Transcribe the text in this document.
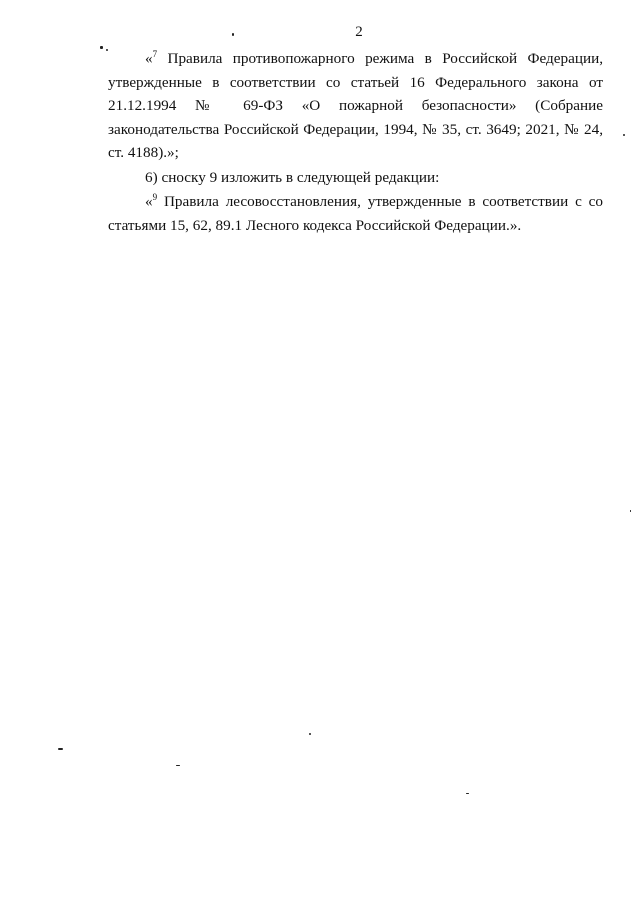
2

«$^7$ Правила противопожарного режима в Российской Федерации, утвержденные в соответствии со статьей 16 Федерального закона от 21.12.1994 № 69-ФЗ «О пожарной безопасности» (Собрание законодательства Российской Федерации, 1994, № 35, ст. 3649; 2021, № 24, ст. 4188).»;

6) сноску 9 изложить в следующей редакции:

«$^9$ Правила лесовосстановления, утвержденные в соответствии с со статьями 15, 62, 89.1 Лесного кодекса Российской Федерации.».
